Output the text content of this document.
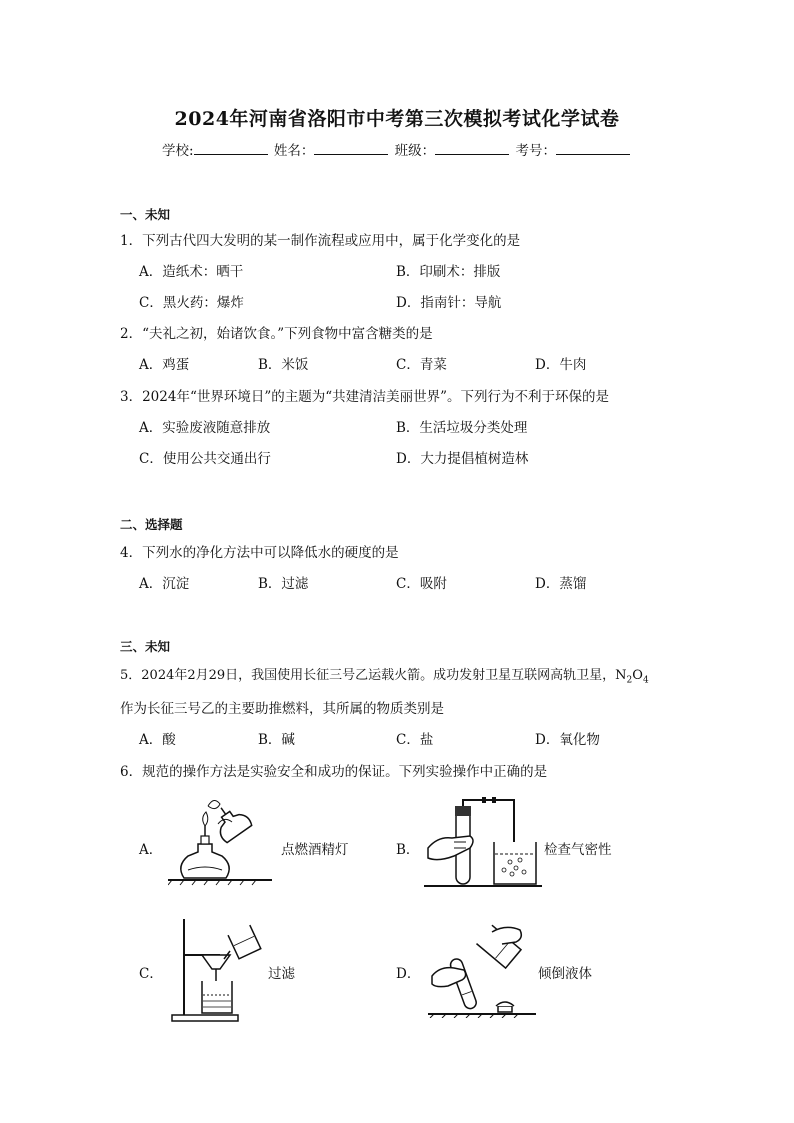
2024年河南省洛阳市中考第三次模拟考试化学试卷
学校:	姓名：	班级：	考号：
一、未知
1．下列古代四大发明的某一制作流程或应用中，属于化学变化的是
A．造纸术：晒干	B．印刷术：排版
C．黑火药：爆炸	D．指南针：导航
2．“夫礼之初，始诸饮食。”下列食物中富含糖类的是
A．鸡蛋	B．米饭	C．青菜	D．牛肉
3．2024年“世界环境日”的主题为“共建清洁美丽世界”。下列行为不利于环保的是
A．实验废液随意排放	B．生活垃圾分类处理
C．使用公共交通出行	D．大力提倡植树造林
二、选择题
4．下列水的净化方法中可以降低水的硬度的是
A．沉淀	B．过滤	C．吸附	D．蒸馏
三、未知
5．2024年2月29日，我国使用长征三号乙运载火箭。成功发射卫星互联网高轨卫星，$N_2O_4$
作为长征三号乙的主要助推燃料，其所属的物质类别是
A．酸	B．碱	C．盐	D．氧化物
6．规范的操作方法是实验安全和成功的保证。下列实验操作中正确的是
A．	点燃酒精灯	B．	检查气密性
C．	过滤	D．	倾倒液体
